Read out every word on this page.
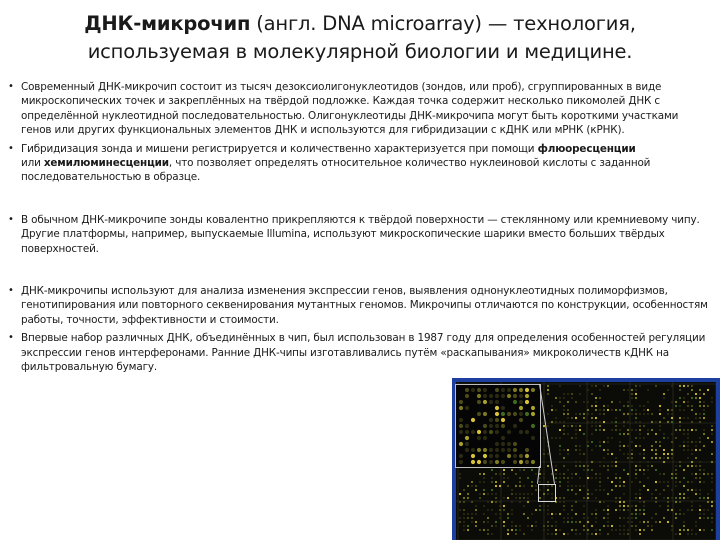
ДНК-микрочип (англ. DNA microarray) — технология,
используемая в молекулярной биологии и медицине.
• Современный ДНК-микрочип состоит из тысяч дезоксиолигонуклеотидов (зондов, или проб), сгруппированных в виде микроскопических точек и закреплённых на твёрдой подложке. Каждая точка содержит несколько пикомолей ДНК с определённой нуклеотидной последовательностью. Олигонуклеотиды ДНК-микрочипа могут быть короткими участками генов или других функциональных элементов ДНК и используются для гибридизации с кДНК или мРНК (кРНК).
• Гибридизация зонда и мишени регистрируется и количественно характеризуется при помощи флюоресценции
или хемилюминесценции, что позволяет определять относительное количество нуклеиновой кислоты с заданной последовательностью в образце.
• В обычном ДНК-микрочипе зонды ковалентно прикрепляются к твёрдой поверхности — стеклянному или кремниевому чипу. Другие платформы, например, выпускаемые Illumina, используют микроскопические шарики вместо больших твёрдых поверхностей.
• ДНК-микрочипы используют для анализа изменения экспрессии генов, выявления однонуклеотидных полиморфизмов, генотипирования или повторного секвенирования мутантных геномов. Микрочипы отличаются по конструкции, особенностям работы, точности, эффективности и стоимости.
• Впервые набор различных ДНК, объединённых в чип, был использован в 1987 году для определения особенностей регуляции экспрессии генов интерферонами. Ранние ДНК-чипы изготавливались путём «раскапывания» микроколичеств кДНК на фильтровальную бумагу.
